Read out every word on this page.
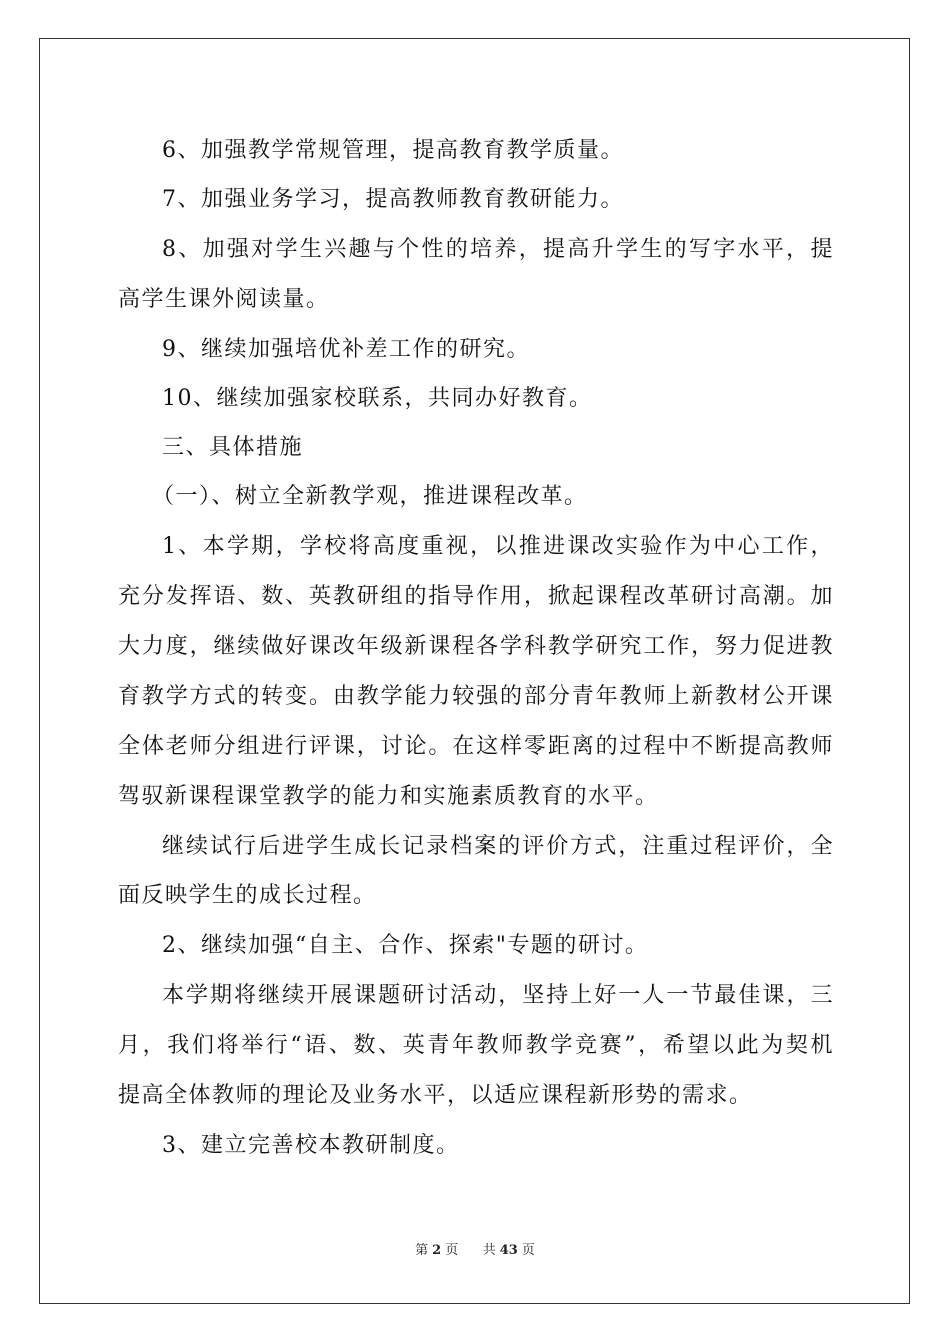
6、加强教学常规管理，提高教育教学质量。
7、加强业务学习，提高教师教育教研能力。
8、加强对学生兴趣与个性的培养，提高升学生的写字水平，提
高学生课外阅读量。
9、继续加强培优补差工作的研究。
10、继续加强家校联系，共同办好教育。
三、具体措施
（一）、树立全新教学观，推进课程改革。
1、本学期，学校将高度重视，以推进课改实验作为中心工作，
充分发挥语、数、英教研组的指导作用，掀起课程改革研讨高潮。加
大力度，继续做好课改年级新课程各学科教学研究工作，努力促进教
育教学方式的转变。由教学能力较强的部分青年教师上新教材公开课
全体老师分组进行评课，讨论。在这样零距离的过程中不断提高教师
驾驭新课程课堂教学的能力和实施素质教育的水平。
继续试行后进学生成长记录档案的评价方式，注重过程评价，全
面反映学生的成长过程。
2、继续加强“自主、合作、探索"专题的研讨。
本学期将继续开展课题研讨活动，坚持上好一人一节最佳课，三
月，我们将举行“语、数、英青年教师教学竞赛”，希望以此为契机
提高全体教师的理论及业务水平，以适应课程新形势的需求。
3、建立完善校本教研制度。
第 2 页 共 43 页
